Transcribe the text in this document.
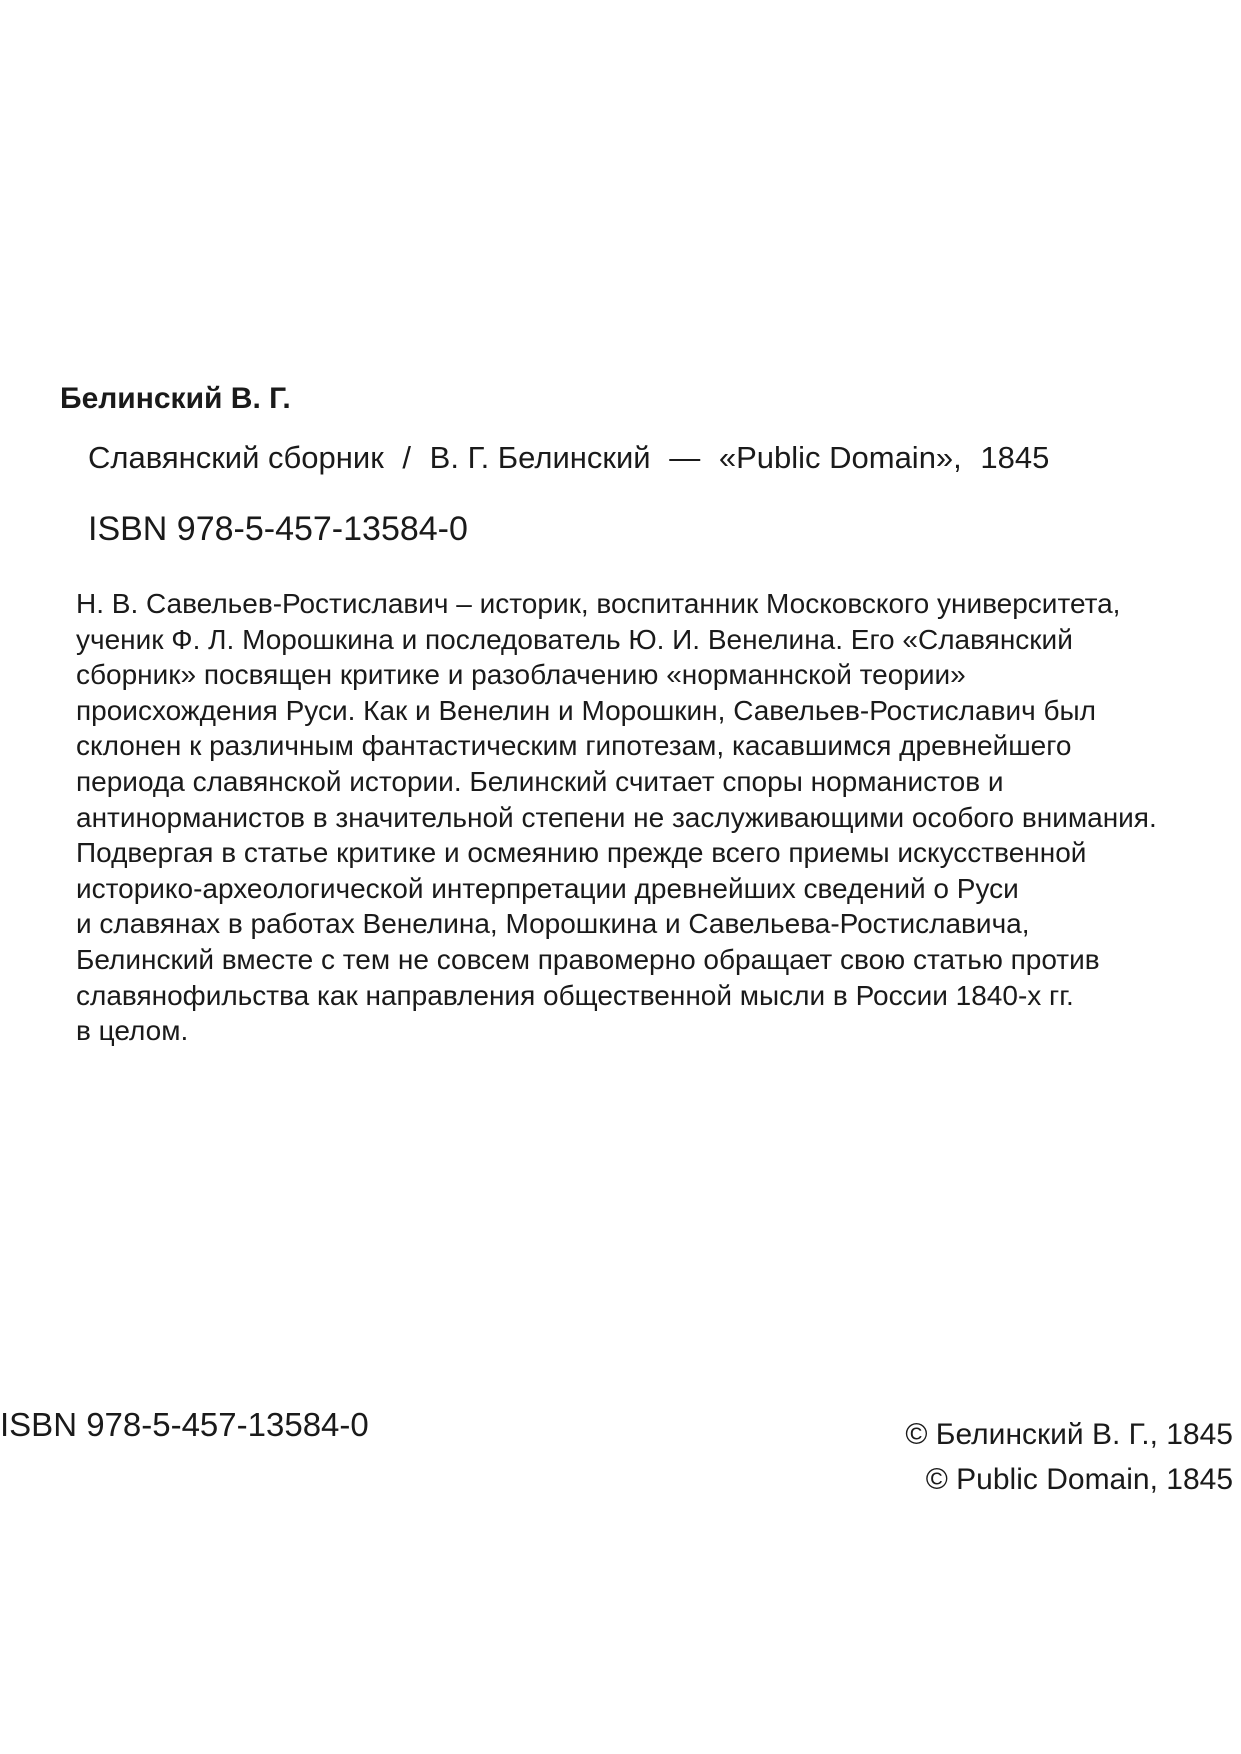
Белинский В. Г.
Славянский сборник / В. Г. Белинский — «Public Domain», 1845
ISBN 978-5-457-13584-0
Н. В. Савельев-Ростиславич – историк, воспитанник Московского университета,
ученик Ф. Л. Морошкина и последователь Ю. И. Венелина. Его «Славянский
сборник» посвящен критике и разоблачению «норманнской теории»
происхождения Руси. Как и Венелин и Морошкин, Савельев-Ростиславич был
склонен к различным фантастическим гипотезам, касавшимся древнейшего
периода славянской истории. Белинский считает споры норманистов и
антинорманистов в значительной степени не заслуживающими особого внимания.
Подвергая в статье критике и осмеянию прежде всего приемы искусственной
историко-археологической интерпретации древнейших сведений о Руси
и славянах в работах Венелина, Морошкина и Савельева-Ростиславича,
Белинский вместе с тем не совсем правомерно обращает свою статью против
славянофильства как направления общественной мысли в России 1840-х гг.
в целом.
ISBN 978-5-457-13584-0	© Белинский В. Г., 1845
© Public Domain, 1845
